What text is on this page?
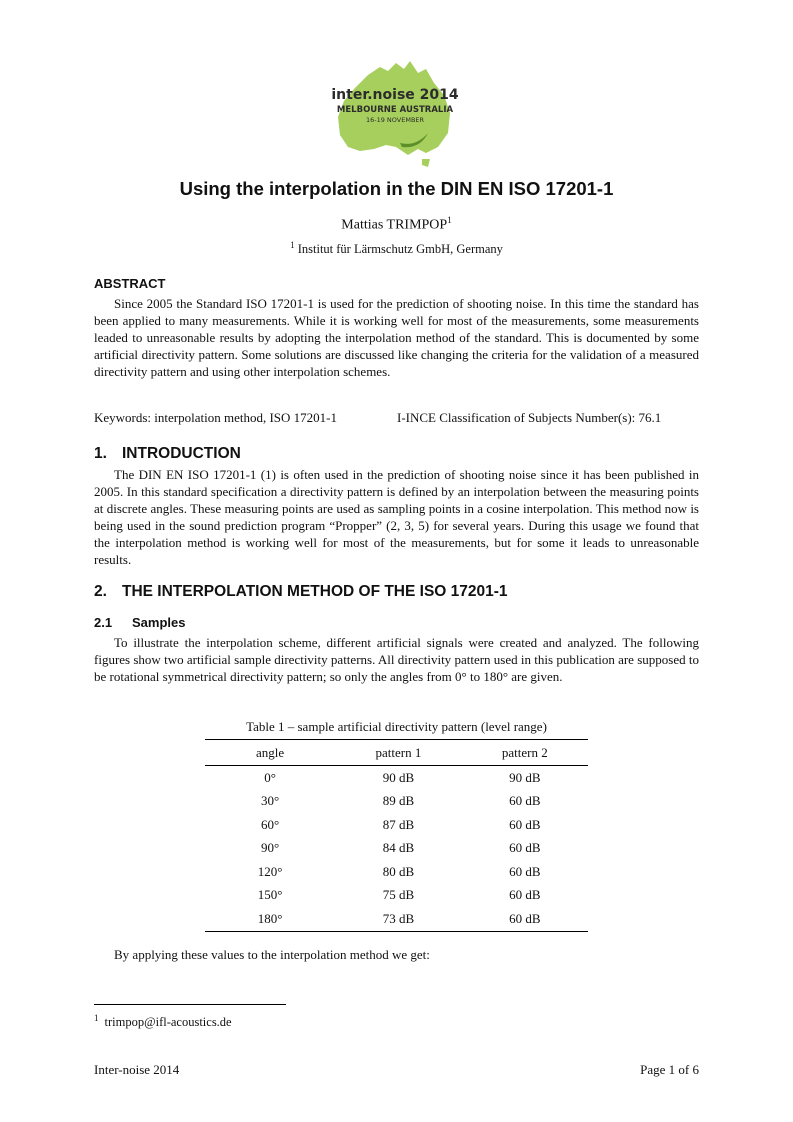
inter.noise 2014
MELBOURNE AUSTRALIA
16-19 NOVEMBER
Using the interpolation in the DIN EN ISO 17201-1
Mattias TRIMPOP$^1$
$^1$ Institut für Lärmschutz GmbH, Germany
ABSTRACT

Since 2005 the Standard ISO 17201-1 is used for the prediction of shooting noise. In this time the standard has been applied to many measurements. While it is working well for most of the measurements, some measurements leaded to unreasonable results by adopting the interpolation method of the standard. This is documented by some artificial directivity pattern. Some solutions are discussed like changing the criteria for the validation of a measured directivity pattern and using other interpolation schemes.

Keywords: interpolation method, ISO 17201-1	I-INCE Classification of Subjects Number(s): 76.1
1. INTRODUCTION

The DIN EN ISO 17201-1 (1) is often used in the prediction of shooting noise since it has been published in 2005. In this standard specification a directivity pattern is defined by an interpolation between the measuring points at discrete angles. These measuring points are used as sampling points in a cosine interpolation. This method now is being used in the sound prediction program “Propper” (2, 3, 5) for several years. During this usage we found that the interpolation method is working well for most of the measurements, but for some it leads to unreasonable results.

2. THE INTERPOLATION METHOD OF THE ISO 17201-1
2.1 Samples

To illustrate the interpolation scheme, different artificial signals were created and analyzed. The following figures show two artificial sample directivity patterns. All directivity pattern used in this publication are supposed to be rotational symmetrical directivity pattern; so only the angles from 0° to 180° are given.

Table 1 – sample artificial directivity pattern (level range)
angle	pattern 1	pattern 2
0°	90 dB	90 dB
30°	89 dB	60 dB
60°	87 dB	60 dB
90°	84 dB	60 dB
120°	80 dB	60 dB
150°	75 dB	60 dB
180°	73 dB	60 dB

By applying these values to the interpolation method we get:

$^1$ trimpop@ifl-acoustics.de
Inter-noise 2014	Page 1 of 6
